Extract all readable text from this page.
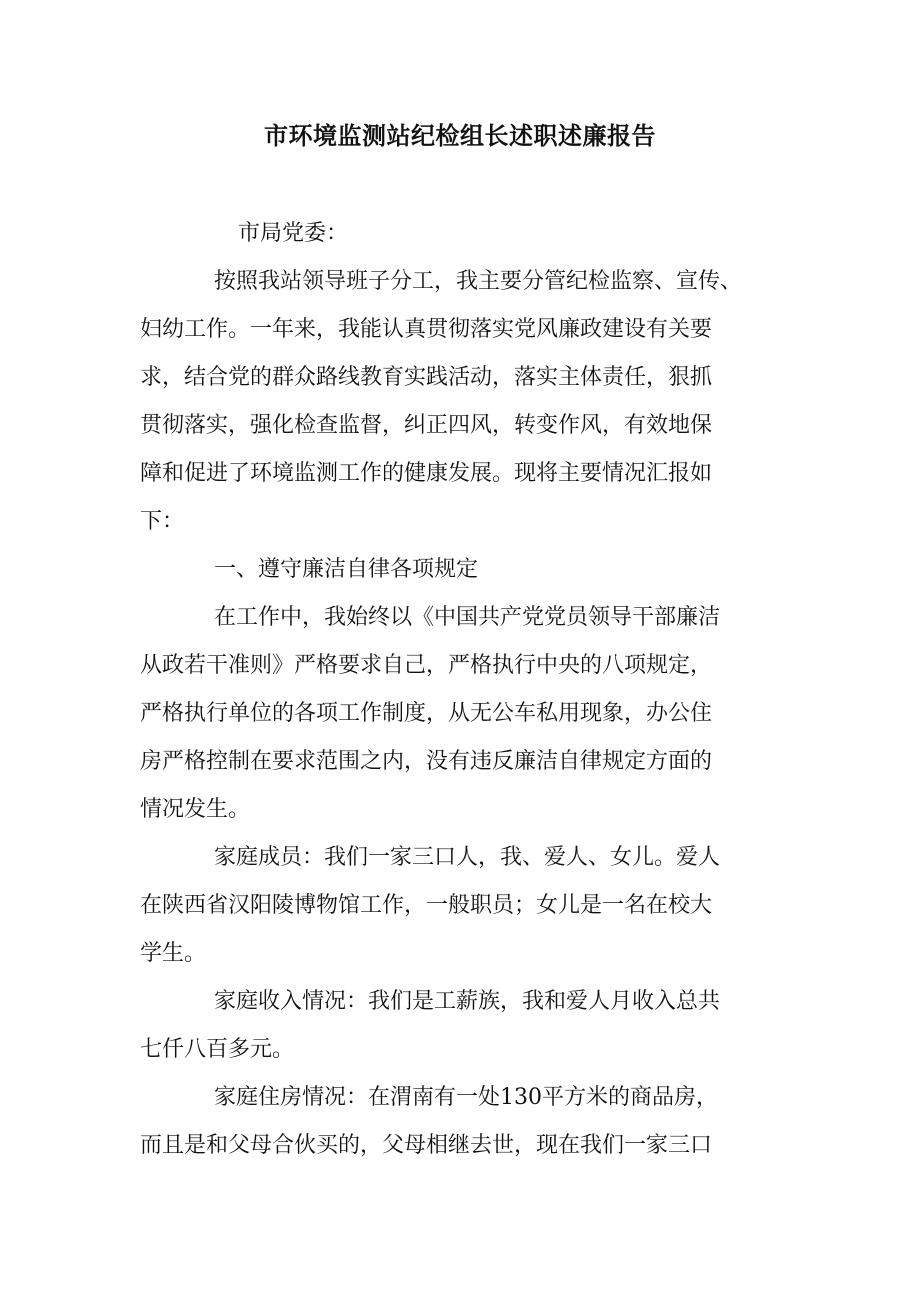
市环境监测站纪检组长述职述廉报告

市局党委：

按照我站领导班子分工，我主要分管纪检监察、宣传、

妇幼工作。一年来，我能认真贯彻落实党风廉政建设有关要

求，结合党的群众路线教育实践活动，落实主体责任，狠抓

贯彻落实，强化检查监督，纠正四风，转变作风，有效地保

障和促进了环境监测工作的健康发展。现将主要情况汇报如

下：

一、遵守廉洁自律各项规定

在工作中，我始终以《中国共产党党员领导干部廉洁

从政若干准则》严格要求自己，严格执行中央的八项规定，

严格执行单位的各项工作制度，从无公车私用现象，办公住

房严格控制在要求范围之内，没有违反廉洁自律规定方面的

情况发生。

家庭成员：我们一家三口人，我、爱人、女儿。爱人

在陕西省汉阳陵博物馆工作，一般职员；女儿是一名在校大

学生。

家庭收入情况：我们是工薪族，我和爱人月收入总共

七仟八百多元。

家庭住房情况：在渭南有一处130平方米的商品房，

而且是和父母合伙买的，父母相继去世，现在我们一家三口
